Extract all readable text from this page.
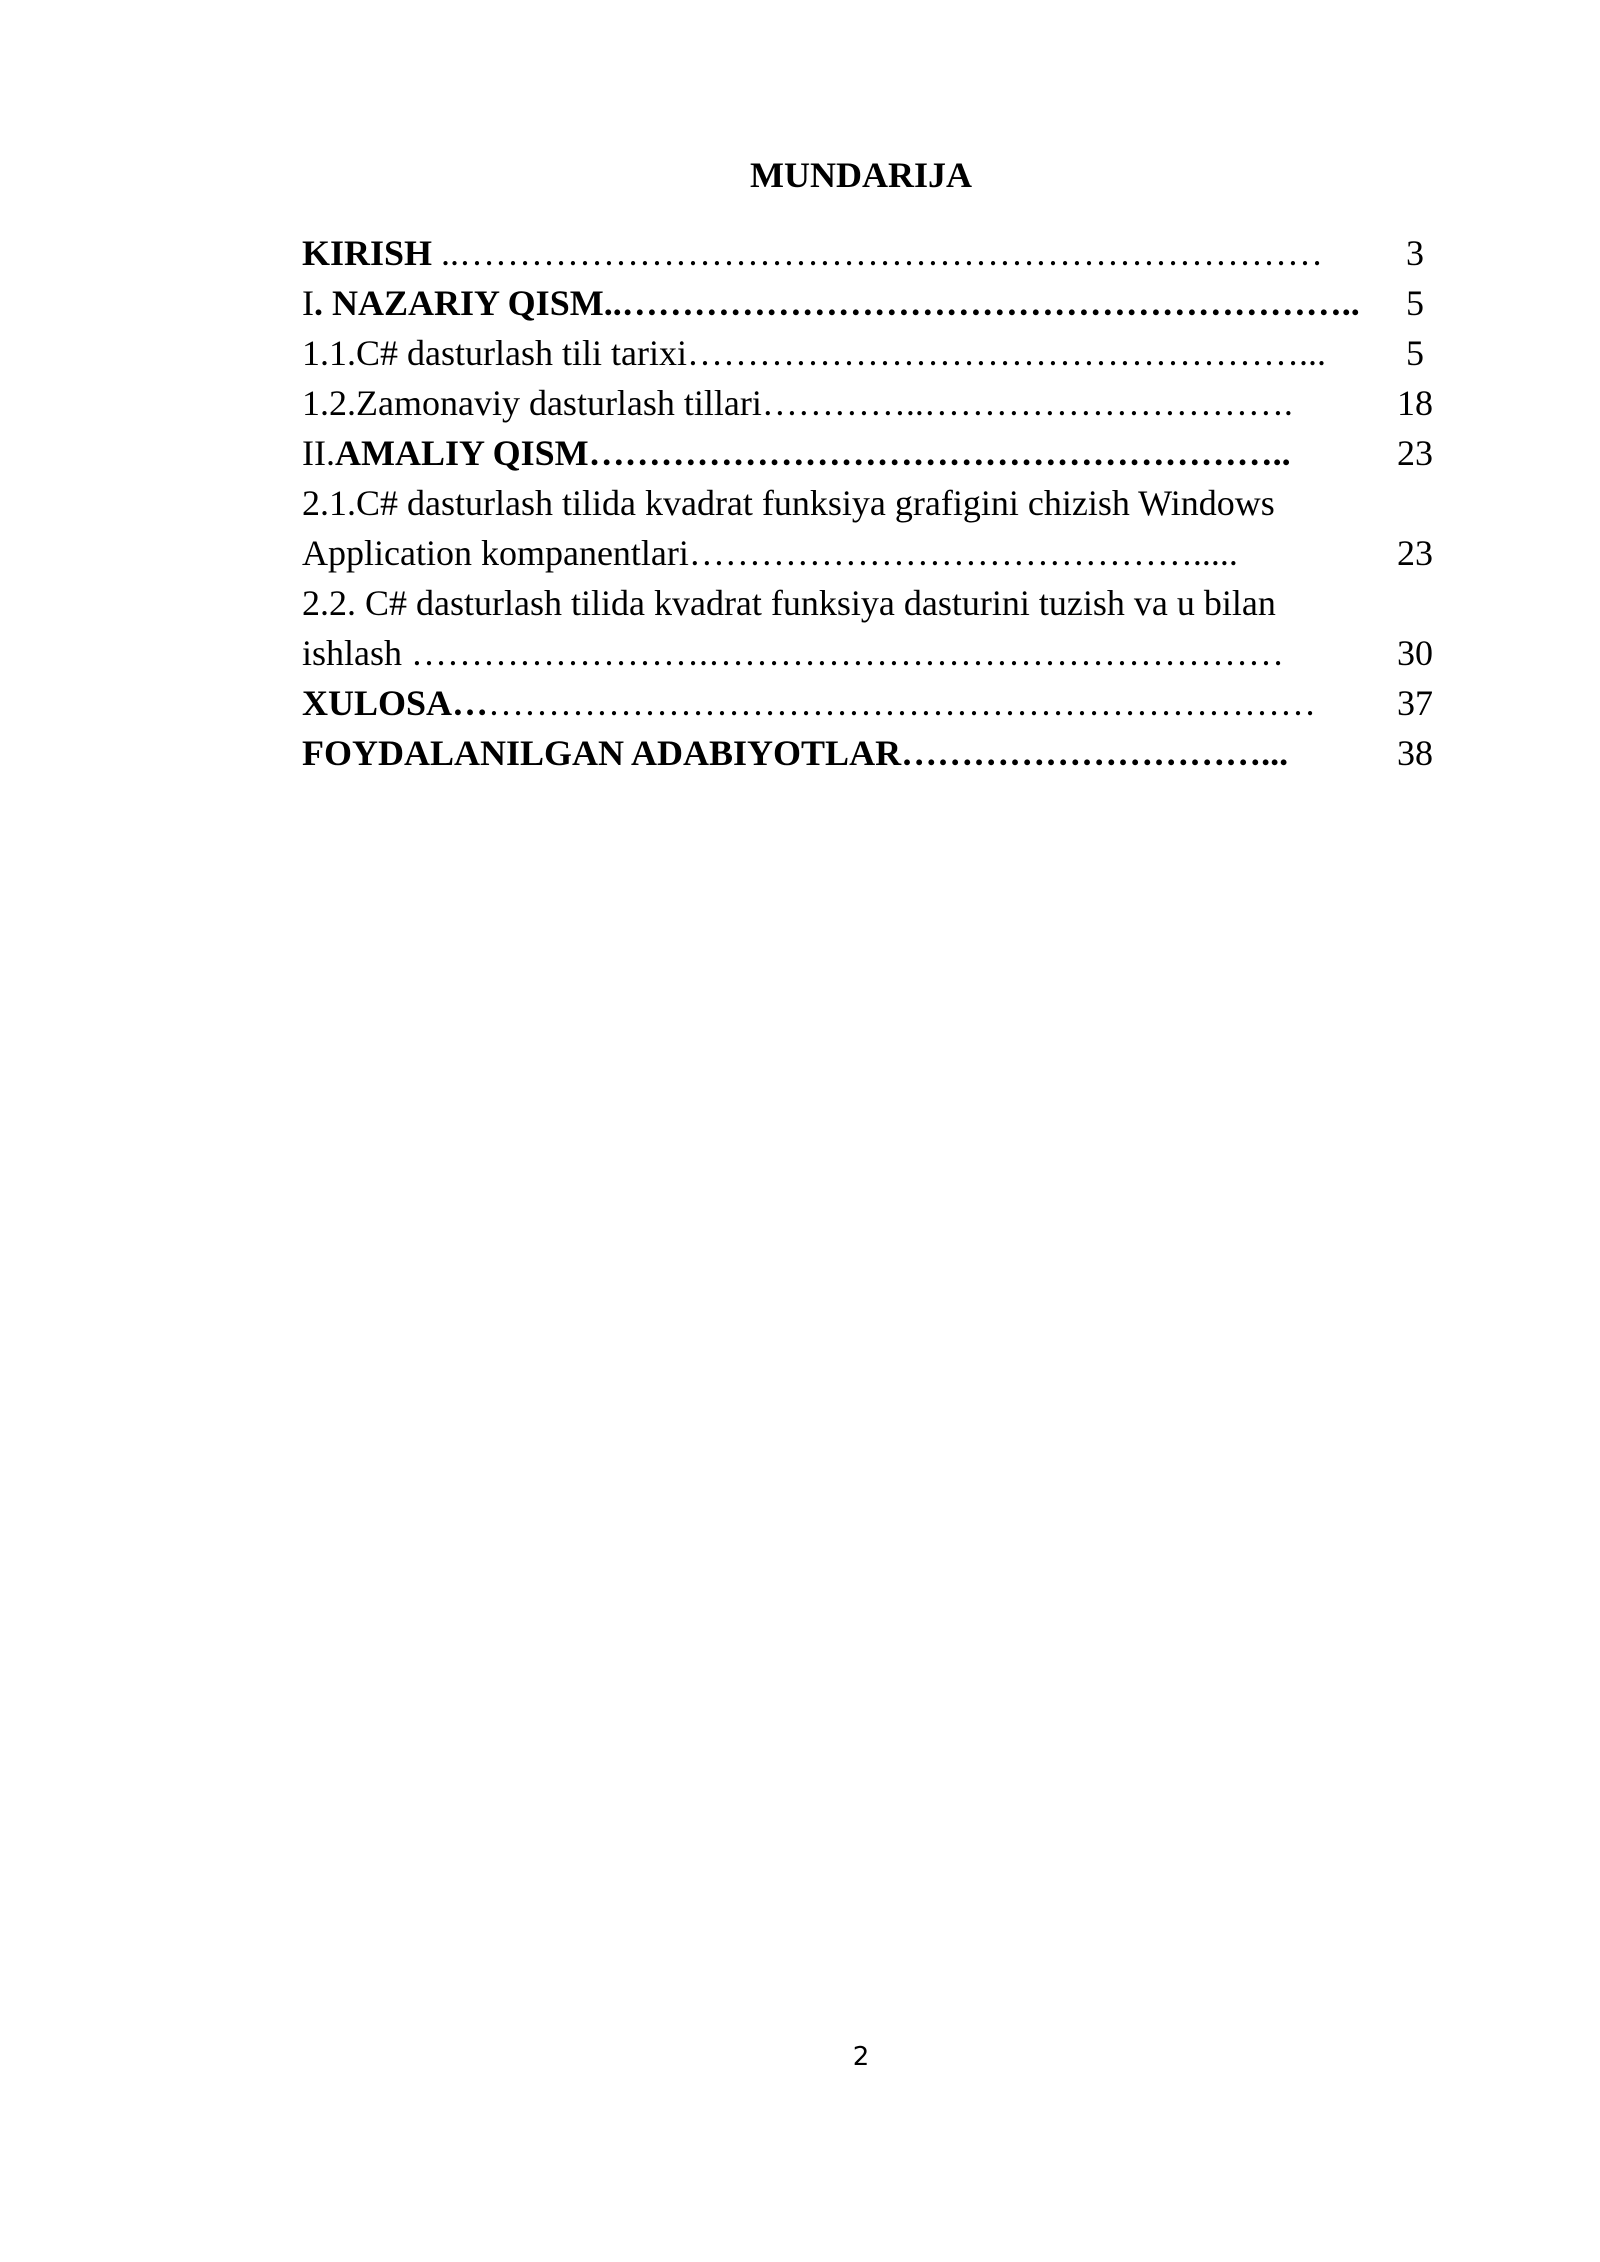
MUNDARIJA
KIRISH ..………………………………………………………………	3
I. NAZARIY QISM..……………………………………………………..	5
1.1.C# dasturlash tili tarixi……………………………………………...	5
1.2.Zamonaviy dasturlash tillari…………..………………………….	18
II.AMALIY QISM…………………………………………………..	23
2.1.C# dasturlash tilida kvadrat funksiya grafigini chizish Windows
Application kompanentlari…………………………………….....	23
2.2. C# dasturlash tilida kvadrat funksiya dasturini tuzish va u bilan
ishlash …………………….…………………………………………	30
XULOSA………………………………………………………………	37
FOYDALANILGAN ADABIYOTLAR…………………………...	38
2
